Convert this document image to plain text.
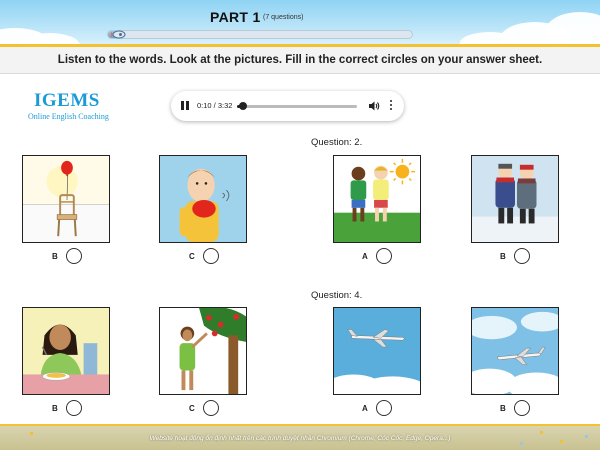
PART 1 (7 questions)
Listen to the words. Look at the pictures. Fill in the correct circles on your answer sheet.
IGEMS
Online English Coaching
0:10 / 3:32
Question: 2.
Question: 4.
B	C	A	B
B	C	A	B
Website hoạt động ổn định nhất trên các trình duyệt nhân Chromium (Chrome, Cốc Cốc, Edge, Opera...)
